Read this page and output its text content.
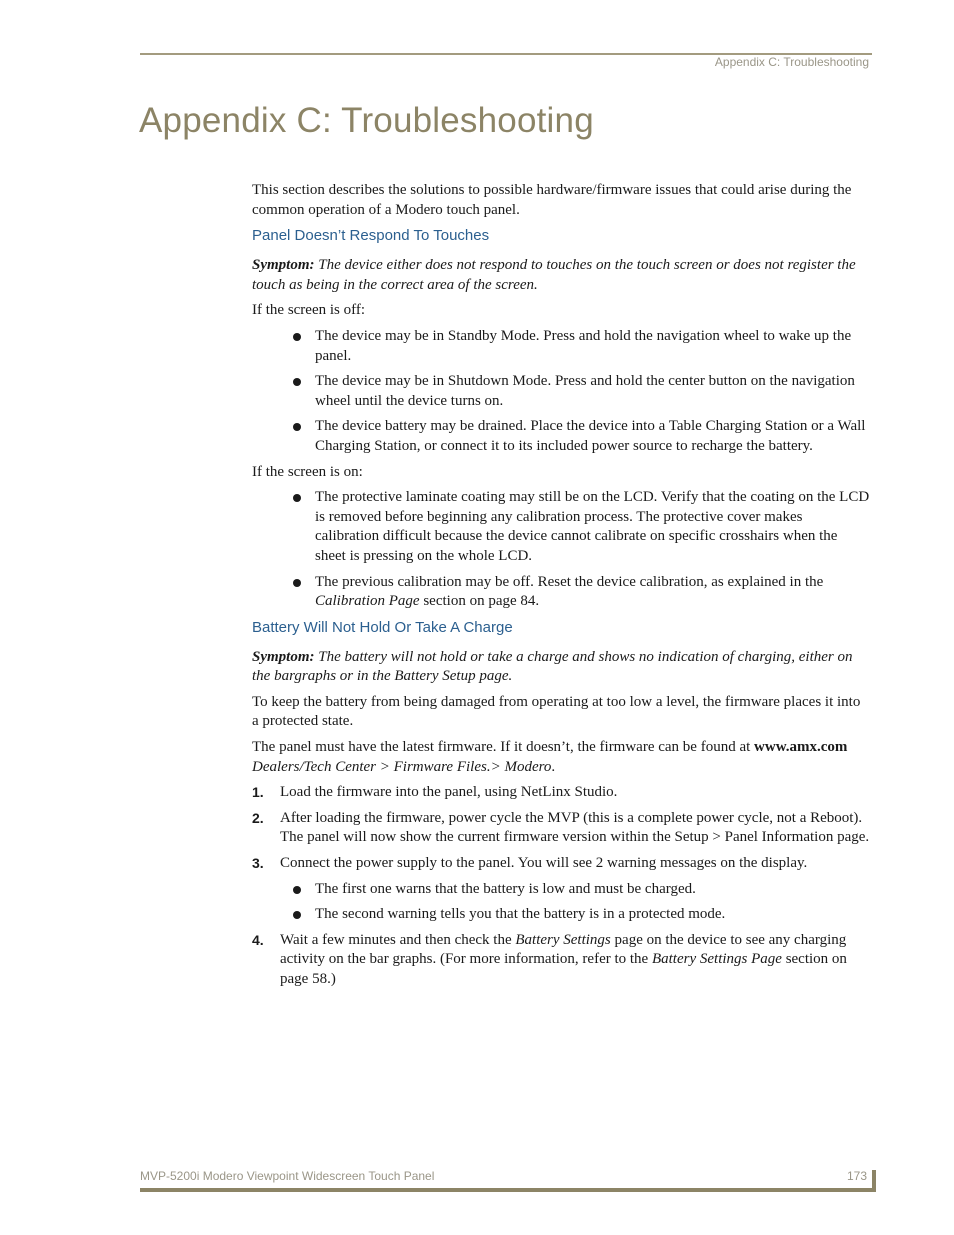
Appendix C: Troubleshooting
Appendix C: Troubleshooting

This section describes the solutions to possible hardware/firmware issues that could arise during the common operation of a Modero touch panel.

Panel Doesn’t Respond To Touches

Symptom: The device either does not respond to touches on the touch screen or does not register the touch as being in the correct area of the screen.

If the screen is off:

The device may be in Standby Mode. Press and hold the navigation wheel to wake up the panel.
The device may be in Shutdown Mode. Press and hold the center button on the navigation wheel until the device turns on.
The device battery may be drained. Place the device into a Table Charging Station or a Wall Charging Station, or connect it to its included power source to recharge the battery.

If the screen is on:

The protective laminate coating may still be on the LCD. Verify that the coating on the LCD is removed before beginning any calibration process. The protective cover makes calibration difficult because the device cannot calibrate on specific crosshairs when the sheet is pressing on the whole LCD.
The previous calibration may be off. Reset the device calibration, as explained in the Calibration Page section on page 84.
Battery Will Not Hold Or Take A Charge

Symptom: The battery will not hold or take a charge and shows no indication of charging, either on the bargraphs or in the Battery Setup page.

To keep the battery from being damaged from operating at too low a level, the firmware places it into a protected state.

The panel must have the latest firmware. If it doesn’t, the firmware can be found at www.amx.com Dealers/Tech Center > Firmware Files.> Modero.

1. Load the firmware into the panel, using NetLinx Studio.
2. After loading the firmware, power cycle the MVP (this is a complete power cycle, not a Reboot). The panel will now show the current firmware version within the Setup > Panel Information page.
3. Connect the power supply to the panel. You will see 2 warning messages on the display.
The first one warns that the battery is low and must be charged.
The second warning tells you that the battery is in a protected mode.
4. Wait a few minutes and then check the Battery Settings page on the device to see any charging activity on the bar graphs. (For more information, refer to the Battery Settings Page section on page 58.)
MVP-5200i Modero Viewpoint Widescreen Touch Panel	173
